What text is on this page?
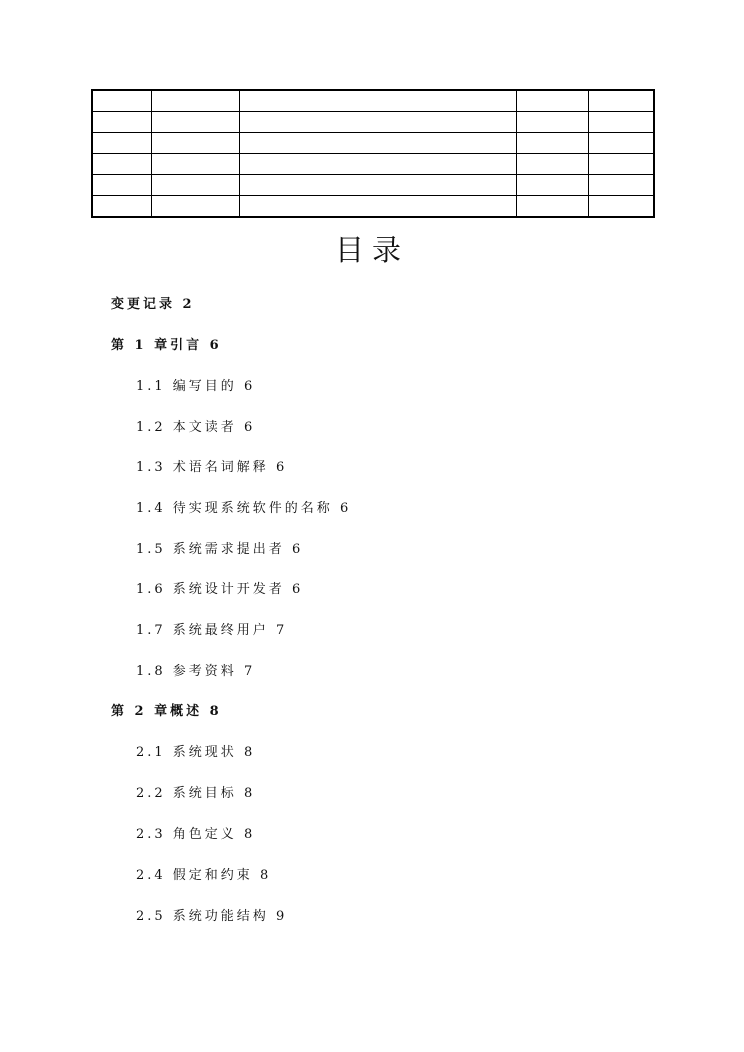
目录
变更记录 2
第 1 章引言 6
1.1 编写目的 6
1.2 本文读者 6
1.3 术语名词解释 6
1.4 待实现系统软件的名称 6
1.5 系统需求提出者 6
1.6 系统设计开发者 6
1.7 系统最终用户 7
1.8 参考资料 7
第 2 章概述 8
2.1 系统现状 8
2.2 系统目标 8
2.3 角色定义 8
2.4 假定和约束 8
2.5 系统功能结构 9
